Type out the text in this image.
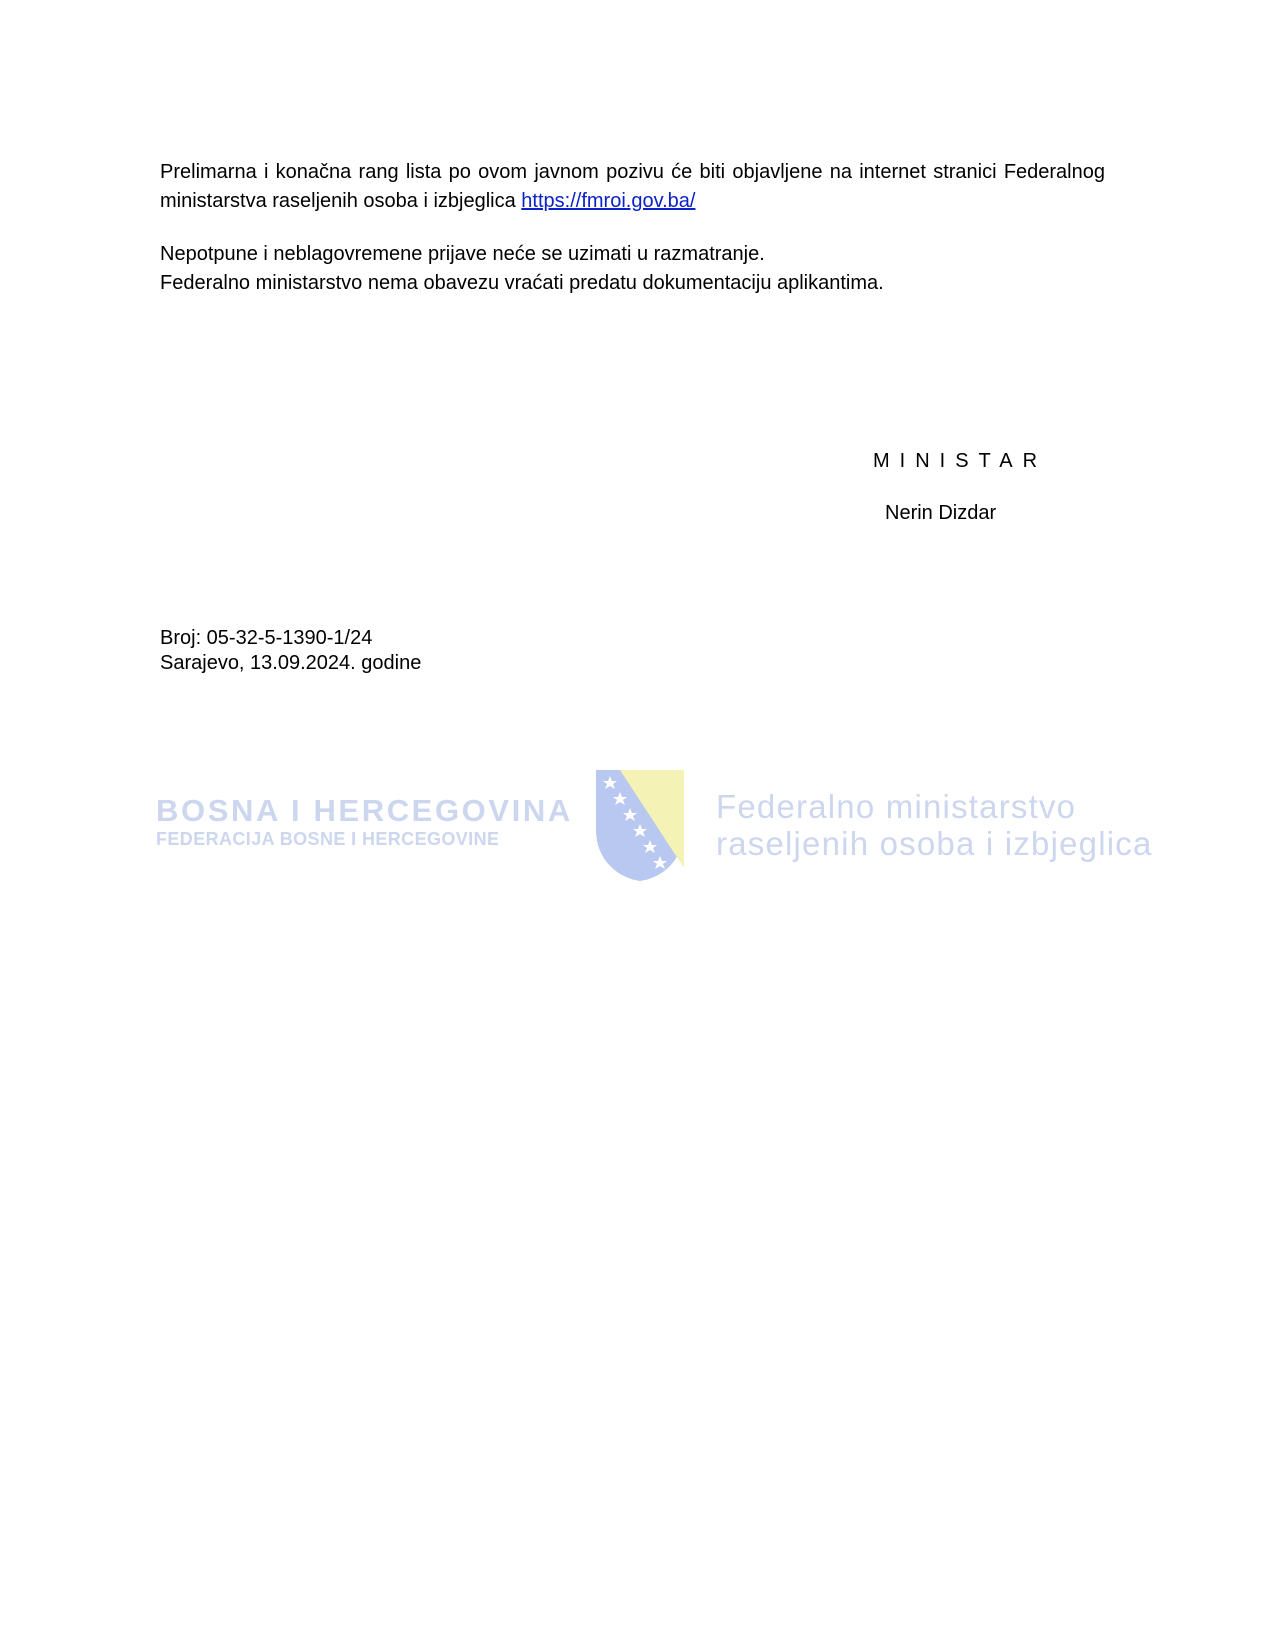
Prelimarna i konačna rang lista po ovom javnom pozivu će biti objavljene na internet stranici Federalnog ministarstva raseljenih osoba i izbjeglica https://fmroi.gov.ba/

Nepotpune i neblagovremene prijave neće se uzimati u razmatranje.
Federalno ministarstvo nema obavezu vraćati predatu dokumentaciju aplikantima.

MINISTAR

Nerin Dizdar

Broj: 05-32-5-1390-1/24
Sarajevo, 13.09.2024. godine

BOSNA I HERCEGOVINA
FEDERACIJA BOSNE I HERCEGOVINE
Federalno ministarstvo
raseljenih osoba i izbjeglica
